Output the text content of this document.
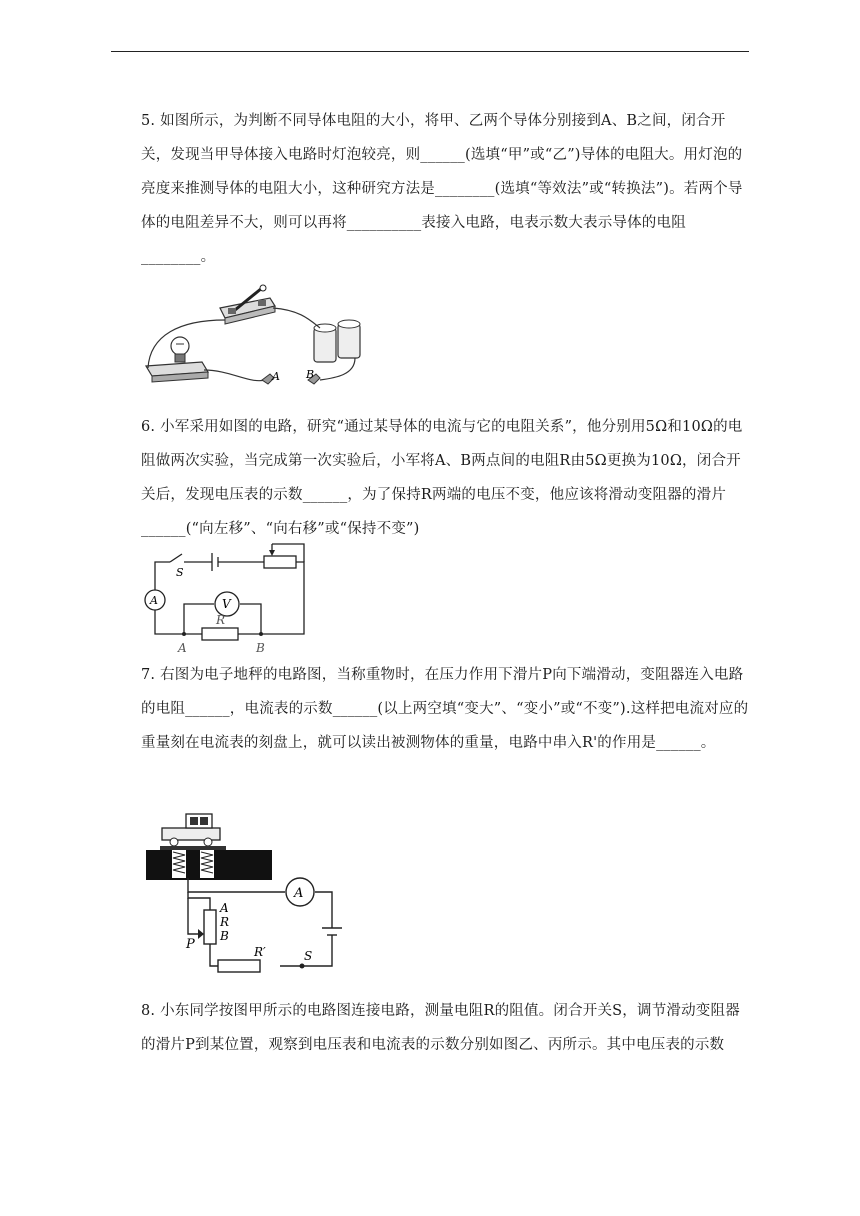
5. 如图所示，为判断不同导体电阻的大小，将甲、乙两个导体分别接到A、B之间，闭合开关，发现当甲导体接入电路时灯泡较亮，则______(选填“甲”或“乙”)导体的电阻大。用灯泡的亮度来推测导体的电阻大小，这种研究方法是________(选填“等效法”或“转换法”)。若两个导体的电阻差异不大，则可以再将__________表接入电路，电表示数大表示导体的电阻________。
A B
6. 小军采用如图的电路，研究“通过某导体的电流与它的电阻关系”，他分别用5Ω和10Ω的电阻做两次实验，当完成第一次实验后，小军将A、B两点间的电阻R由5Ω更换为10Ω，闭合开关后，发现电压表的示数______，为了保持R两端的电压不变，他应该将滑动变阻器的滑片______(“向左移”、“向右移”或“保持不变”)
S
A	V
R
A	B
7. 右图为电子地秤的电路图，当称重物时，在压力作用下滑片P向下端滑动，变阻器连入电路的电阻______，电流表的示数______(以上两空填“变大”、“变小”或“不变”).这样把电流对应的重量刻在电流表的刻盘上，就可以读出被测物体的重量，电路中串入R'的作用是______。
A
A
R
B
P	R′	S
8. 小东同学按图甲所示的电路图连接电路，测量电阻R的阻值。闭合开关S，调节滑动变阻器的滑片P到某位置，观察到电压表和电流表的示数分别如图乙、丙所示。其中电压表的示数
